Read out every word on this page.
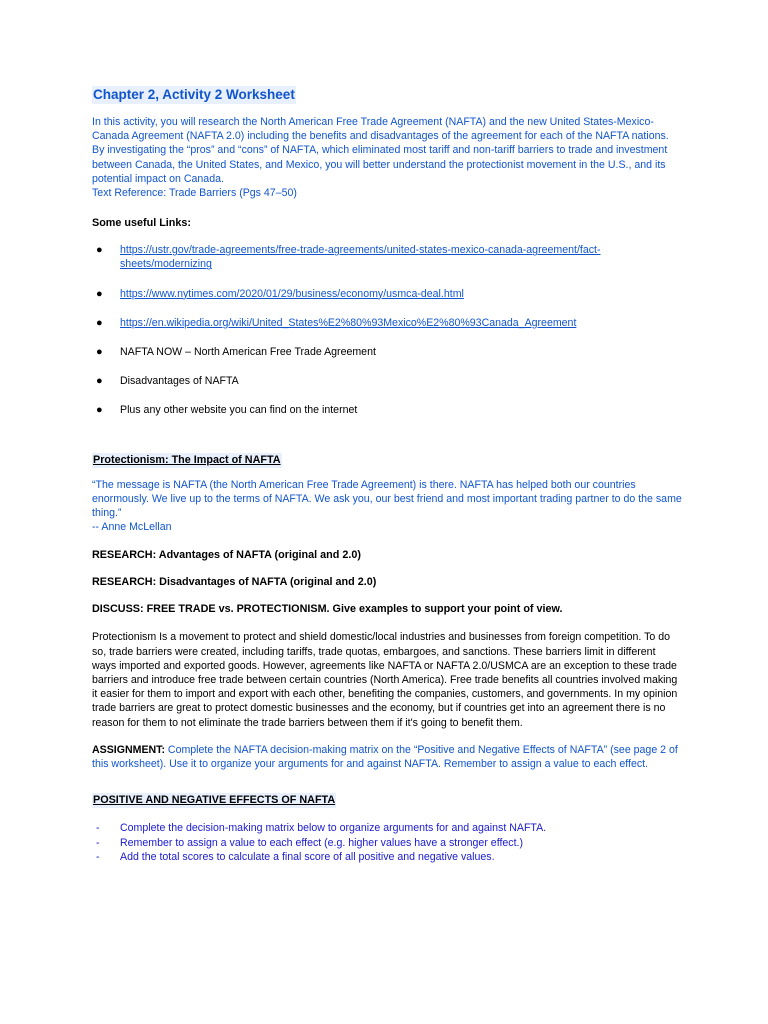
Chapter 2, Activity 2 Worksheet

In this activity, you will research the North American Free Trade Agreement (NAFTA) and the new United States-Mexico-Canada Agreement (NAFTA 2.0) including the benefits and disadvantages of the agreement for each of the NAFTA nations. By investigating the “pros” and “cons” of NAFTA, which eliminated most tariff and non-tariff barriers to trade and investment between Canada, the United States, and Mexico, you will better understand the protectionist movement in the U.S., and its potential impact on Canada.

Text Reference: Trade Barriers (Pgs 47–50)

Some useful Links:
● https://ustr.gov/trade-agreements/free-trade-agreements/united-states-mexico-canada-agreement/fact-sheets/modernizing
● https://www.nytimes.com/2020/01/29/business/economy/usmca-deal.html
● https://en.wikipedia.org/wiki/United_States%E2%80%93Mexico%E2%80%93Canada_Agreement
● NAFTA NOW – North American Free Trade Agreement
● Disadvantages of NAFTA
● Plus any other website you can find on the internet
Protectionism: The Impact of NAFTA

“The message is NAFTA (the North American Free Trade Agreement) is there. NAFTA has helped both our countries enormously. We live up to the terms of NAFTA. We ask you, our best friend and most important trading partner to do the same thing.”

-- Anne McLellan

RESEARCH: Advantages of NAFTA (original and 2.0)
RESEARCH: Disadvantages of NAFTA (original and 2.0)
DISCUSS: FREE TRADE vs. PROTECTIONISM. Give examples to support your point of view.
Protectionism Is a movement to protect and shield domestic/local industries and businesses from foreign competition. To do so, trade barriers were created, including tariffs, trade quotas, embargoes, and sanctions. These barriers limit in different ways imported and exported goods. However, agreements like NAFTA or NAFTA 2.0/USMCA are an exception to these trade barriers and introduce free trade between certain countries (North America). Free trade benefits all countries involved making it easier for them to import and export with each other, benefiting the companies, customers, and governments. In my opinion trade barriers are great to protect domestic businesses and the economy, but if countries get into an agreement there is no reason for them to not eliminate the trade barriers between them if it's going to benefit them.
ASSIGNMENT: Complete the NAFTA decision-making matrix on the “Positive and Negative Effects of NAFTA” (see page 2 of this worksheet). Use it to organize your arguments for and against NAFTA. Remember to assign a value to each effect.
POSITIVE AND NEGATIVE EFFECTS OF NAFTA
- Complete the decision-making matrix below to organize arguments for and against NAFTA.
- Remember to assign a value to each effect (e.g. higher values have a stronger effect.)
- Add the total scores to calculate a final score of all positive and negative values.
